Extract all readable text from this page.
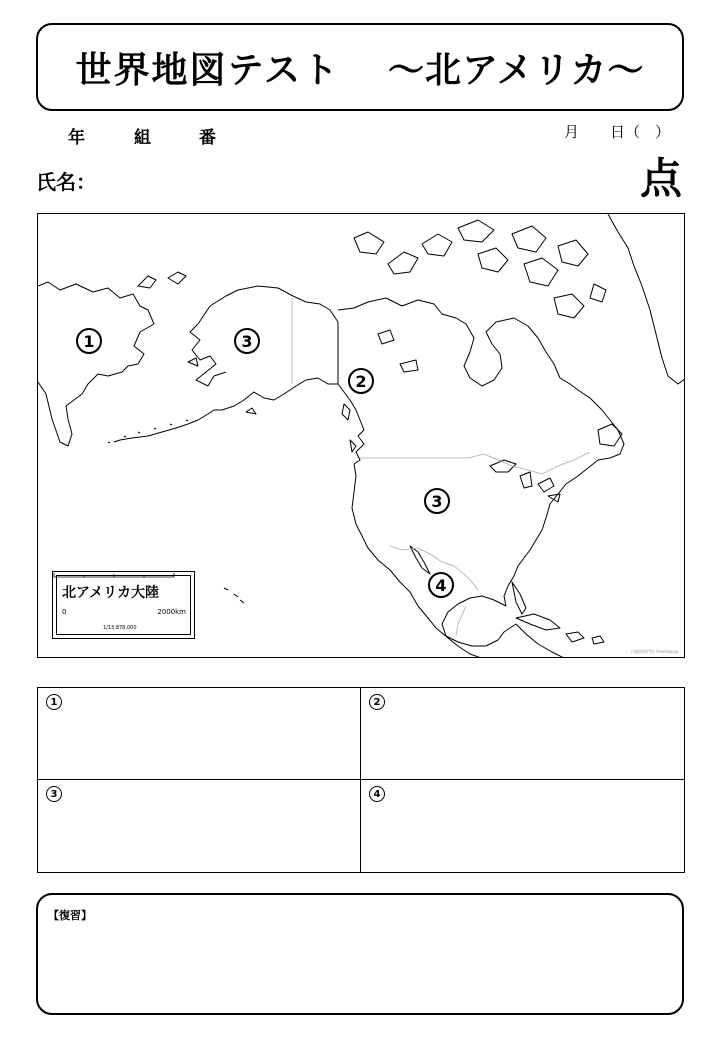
世界地図テスト 〜北アメリカ〜
年	組	番	月 日（　）
氏名：	点
1	3
2
3
4
北アメリカ大陸
0	2000km
1/13,878,000
白地図専門店 freemap.jp
1	2
3	4
【復習】
